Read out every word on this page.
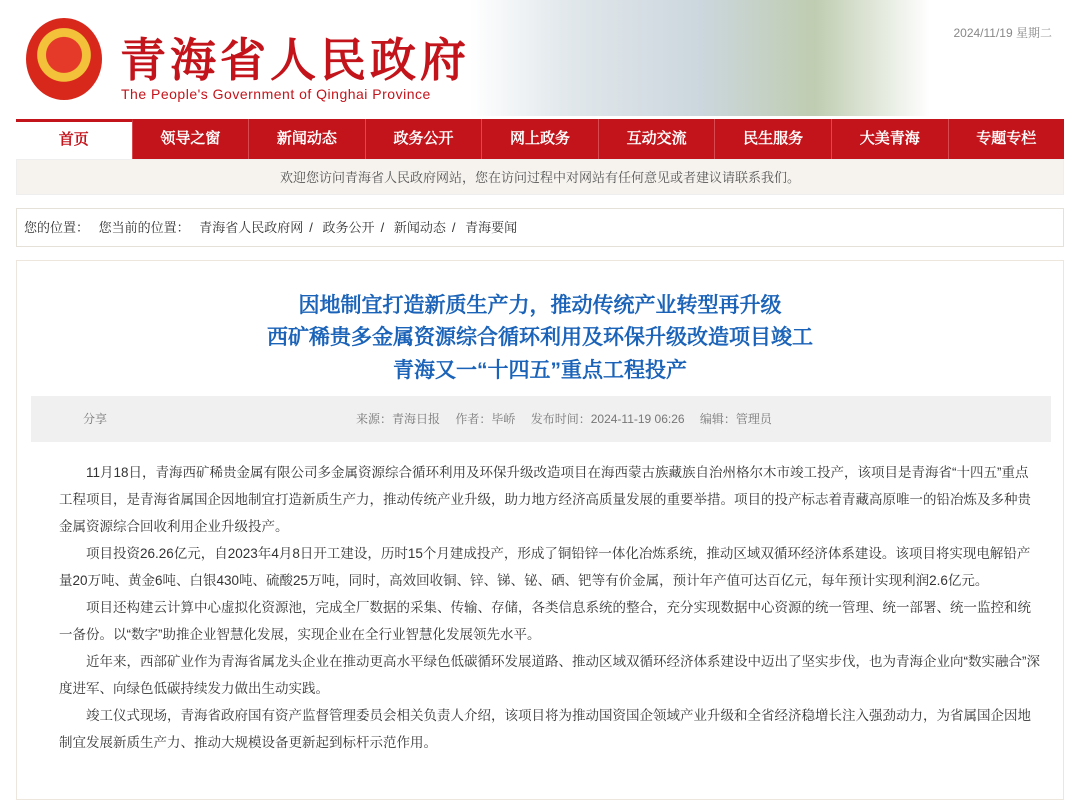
青海省人民政府
The People's Government of Qinghai Province
2024/11/19 星期二
首页	领导之窗	新闻动态	政务公开	网上政务	互动交流	民生服务	大美青海	专题专栏
欢迎您访问青海省人民政府网站，您在访问过程中对网站有任何意见或者建议请联系我们。
您的位置： 您当前的位置： 青海省人民政府网 / 政务公开 / 新闻动态 / 青海要闻
因地制宜打造新质生产力，推动传统产业转型再升级
西矿稀贵多金属资源综合循环利用及环保升级改造项目竣工
青海又一“十四五”重点工程投产
分享	来源：青海日报 作者：毕峤 发布时间：2024-11-19 06:26 编辑：管理员

11月18日，青海西矿稀贵金属有限公司多金属资源综合循环利用及环保升级改造项目在海西蒙古族藏族自治州格尔木市竣工投产，该项目是青海省“十四五”重点工程项目，是青海省属国企因地制宜打造新质生产力，推动传统产业升级，助力地方经济高质量发展的重要举措。项目的投产标志着青藏高原唯一的铅冶炼及多种贵金属资源综合回收利用企业升级投产。

项目投资26.26亿元，自2023年4月8日开工建设，历时15个月建成投产，形成了铜铅锌一体化冶炼系统，推动区域双循环经济体系建设。该项目将实现电解铅产量20万吨、黄金6吨、白银430吨、硫酸25万吨，同时，高效回收铜、锌、锑、铋、硒、钯等有价金属，预计年产值可达百亿元，每年预计实现利润2.6亿元。

项目还构建云计算中心虚拟化资源池，完成全厂数据的采集、传输、存储，各类信息系统的整合，充分实现数据中心资源的统一管理、统一部署、统一监控和统一备份。以“数字”助推企业智慧化发展，实现企业在全行业智慧化发展领先水平。

近年来，西部矿业作为青海省属龙头企业在推动更高水平绿色低碳循环发展道路、推动区域双循环经济体系建设中迈出了坚实步伐，也为青海企业向“数实融合”深度进军、向绿色低碳持续发力做出生动实践。

竣工仪式现场，青海省政府国有资产监督管理委员会相关负责人介绍，该项目将为推动国资国企领域产业升级和全省经济稳增长注入强劲动力，为省属国企因地制宜发展新质生产力、推动大规模设备更新起到标杆示范作用。
